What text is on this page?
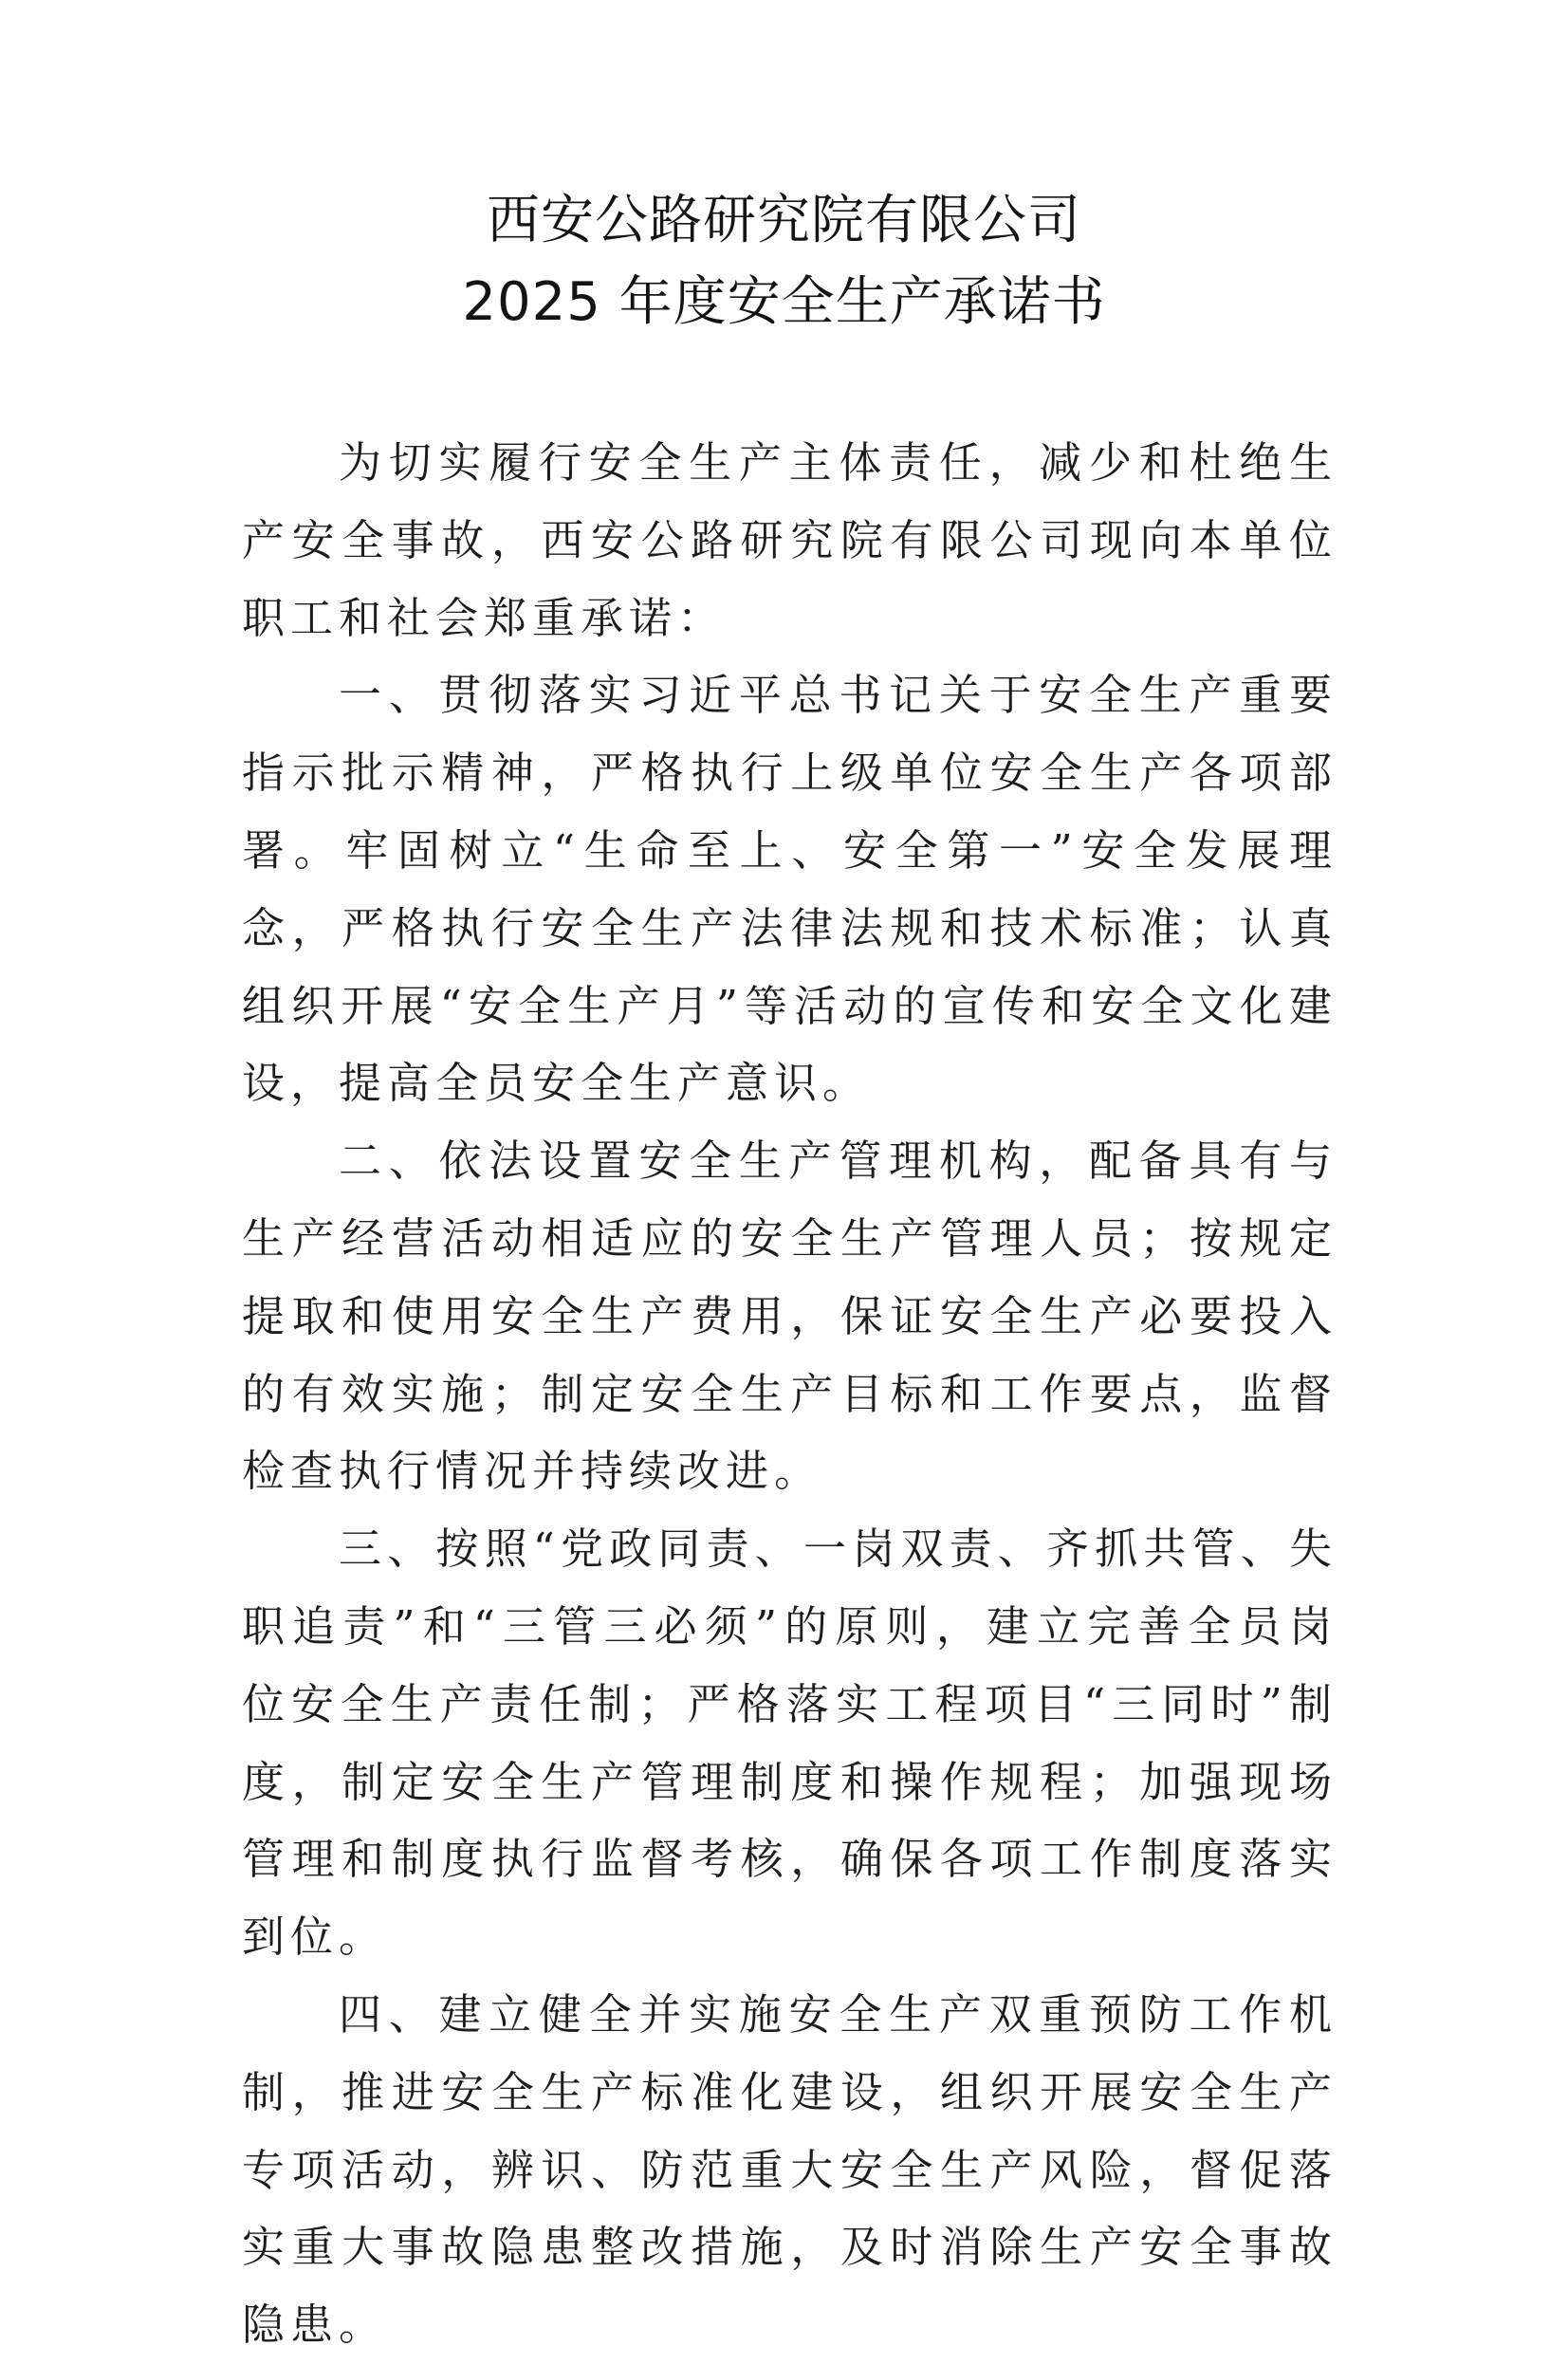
西安公路研究院有限公司
2025 年度安全生产承诺书

为切实履行安全生产主体责任，减少和杜绝生产安全事故，西安公路研究院有限公司现向本单位职工和社会郑重承诺：

一、贯彻落实习近平总书记关于安全生产重要指示批示精神，严格执行上级单位安全生产各项部署。牢固树立“生命至上、安全第一”安全发展理念，严格执行安全生产法律法规和技术标准；认真组织开展“安全生产月”等活动的宣传和安全文化建设，提高全员安全生产意识。

二、依法设置安全生产管理机构，配备具有与生产经营活动相适应的安全生产管理人员；按规定提取和使用安全生产费用，保证安全生产必要投入的有效实施；制定安全生产目标和工作要点，监督检查执行情况并持续改进。

三、按照“党政同责、一岗双责、齐抓共管、失职追责”和“三管三必须”的原则，建立完善全员岗位安全生产责任制；严格落实工程项目“三同时”制度，制定安全生产管理制度和操作规程；加强现场管理和制度执行监督考核，确保各项工作制度落实到位。

四、建立健全并实施安全生产双重预防工作机制，推进安全生产标准化建设，组织开展安全生产专项活动，辨识、防范重大安全生产风险，督促落实重大事故隐患整改措施，及时消除生产安全事故隐患。
